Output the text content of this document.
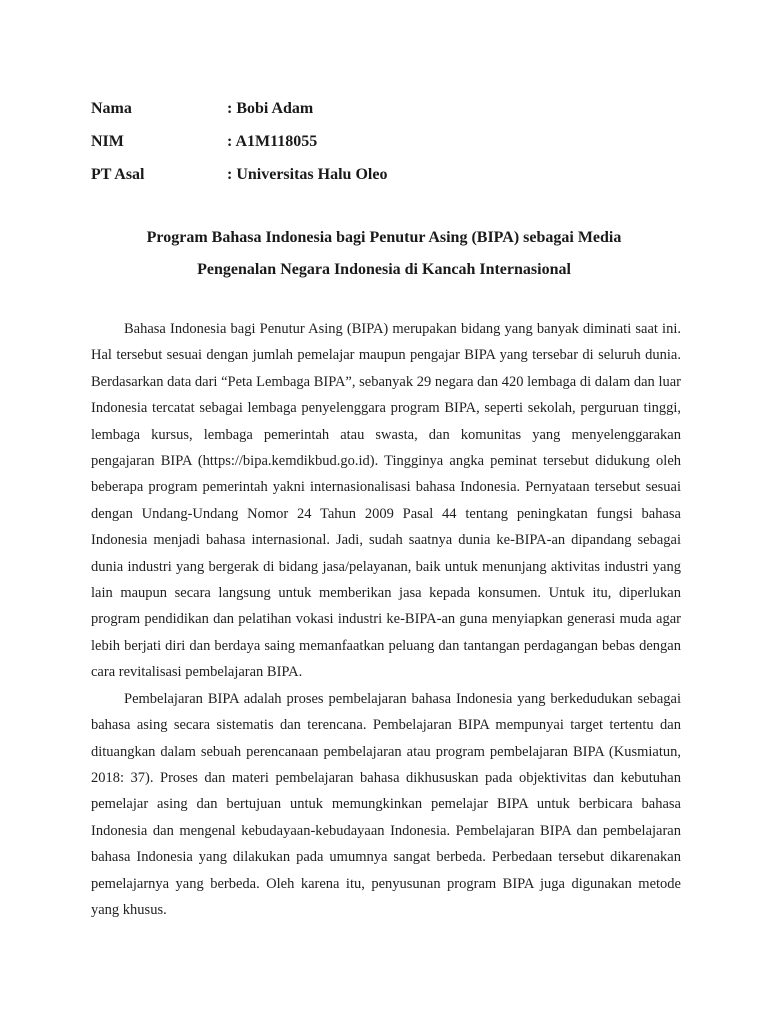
Nama	: Bobi Adam
NIM	: A1M118055
PT Asal	: Universitas Halu Oleo
Program Bahasa Indonesia bagi Penutur Asing (BIPA) sebagai Media
Pengenalan Negara Indonesia di Kancah Internasional

Bahasa Indonesia bagi Penutur Asing (BIPA) merupakan bidang yang banyak diminati saat ini. Hal tersebut sesuai dengan jumlah pemelajar maupun pengajar BIPA yang tersebar di seluruh dunia. Berdasarkan data dari “Peta Lembaga BIPA”, sebanyak 29 negara dan 420 lembaga di dalam dan luar Indonesia tercatat sebagai lembaga penyelenggara program BIPA, seperti sekolah, perguruan tinggi, lembaga kursus, lembaga pemerintah atau swasta, dan komunitas yang menyelenggarakan pengajaran BIPA (https://bipa.kemdikbud.go.id). Tingginya angka peminat tersebut didukung oleh beberapa program pemerintah yakni internasionalisasi bahasa Indonesia. Pernyataan tersebut sesuai dengan Undang-Undang Nomor 24 Tahun 2009 Pasal 44 tentang peningkatan fungsi bahasa Indonesia menjadi bahasa internasional. Jadi, sudah saatnya dunia ke-BIPA-an dipandang sebagai dunia industri yang bergerak di bidang jasa/pelayanan, baik untuk menunjang aktivitas industri yang lain maupun secara langsung untuk memberikan jasa kepada konsumen. Untuk itu, diperlukan program pendidikan dan pelatihan vokasi industri ke-BIPA-an guna menyiapkan generasi muda agar lebih berjati diri dan berdaya saing memanfaatkan peluang dan tantangan perdagangan bebas dengan cara revitalisasi pembelajaran BIPA.

Pembelajaran BIPA adalah proses pembelajaran bahasa Indonesia yang berkedudukan sebagai bahasa asing secara sistematis dan terencana. Pembelajaran BIPA mempunyai target tertentu dan dituangkan dalam sebuah perencanaan pembelajaran atau program pembelajaran BIPA (Kusmiatun, 2018: 37). Proses dan materi pembelajaran bahasa dikhususkan pada objektivitas dan kebutuhan pemelajar asing dan bertujuan untuk memungkinkan pemelajar BIPA untuk berbicara bahasa Indonesia dan mengenal kebudayaan-kebudayaan Indonesia. Pembelajaran BIPA dan pembelajaran bahasa Indonesia yang dilakukan pada umumnya sangat berbeda. Perbedaan tersebut dikarenakan pemelajarnya yang berbeda. Oleh karena itu, penyusunan program BIPA juga digunakan metode yang khusus.
